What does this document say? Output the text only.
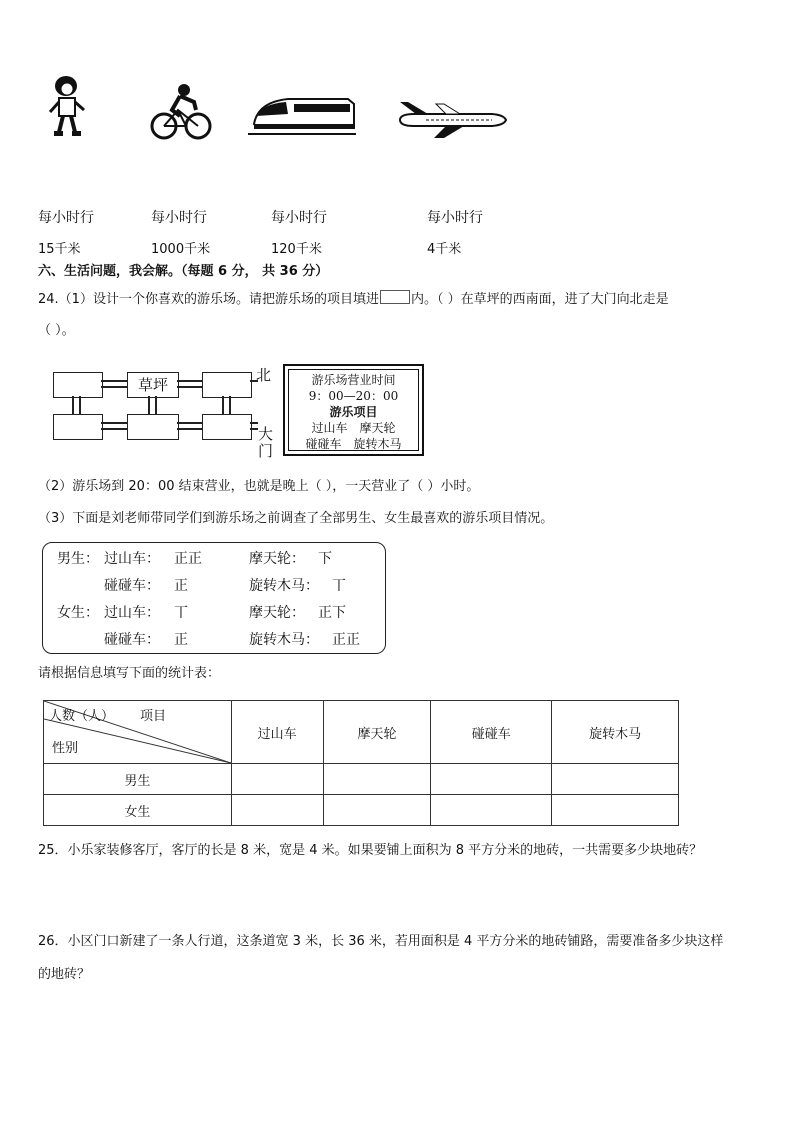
每小时行	每小时行	每小时行	每小时行
15千米	1000千米	120千米	4千米
六、生活问题，我会解。（每题 6 分， 共 36 分）
24.（1）设计一个你喜欢的游乐场。请把游乐场的项目填进 内。（ ）在草坪的西南面，进了大门向北走是
（ ）。
草坪
北
大
门
游乐场营业时间
9：00—20：00
游乐项目
过山车　摩天轮
碰碰车　旋转木马
（2）游乐场到 20：00 结束营业，也就是晚上（ ），一天营业了（ ）小时。
（3）下面是刘老师带同学们到游乐场之前调查了全部男生、女生最喜欢的游乐项目情况。
男生： 过山车： 正正	摩天轮： 下
碰碰车： 正	旋转木马： 丅
女生： 过山车： 丅	摩天轮： 正下
碰碰车： 正	旋转木马： 正正
请根据信息填写下面的统计表：
人数（人） 项目
性别	过山车	摩天轮	碰碰车	旋转木马
男生				
女生				
25．小乐家装修客厅，客厅的长是 8 米，宽是 4 米。如果要铺上面积为 8 平方分米的地砖，一共需要多少块地砖？
26．小区门口新建了一条人行道，这条道宽 3 米，长 36 米，若用面积是 4 平方分米的地砖铺路，需要准备多少块这样
的地砖？
